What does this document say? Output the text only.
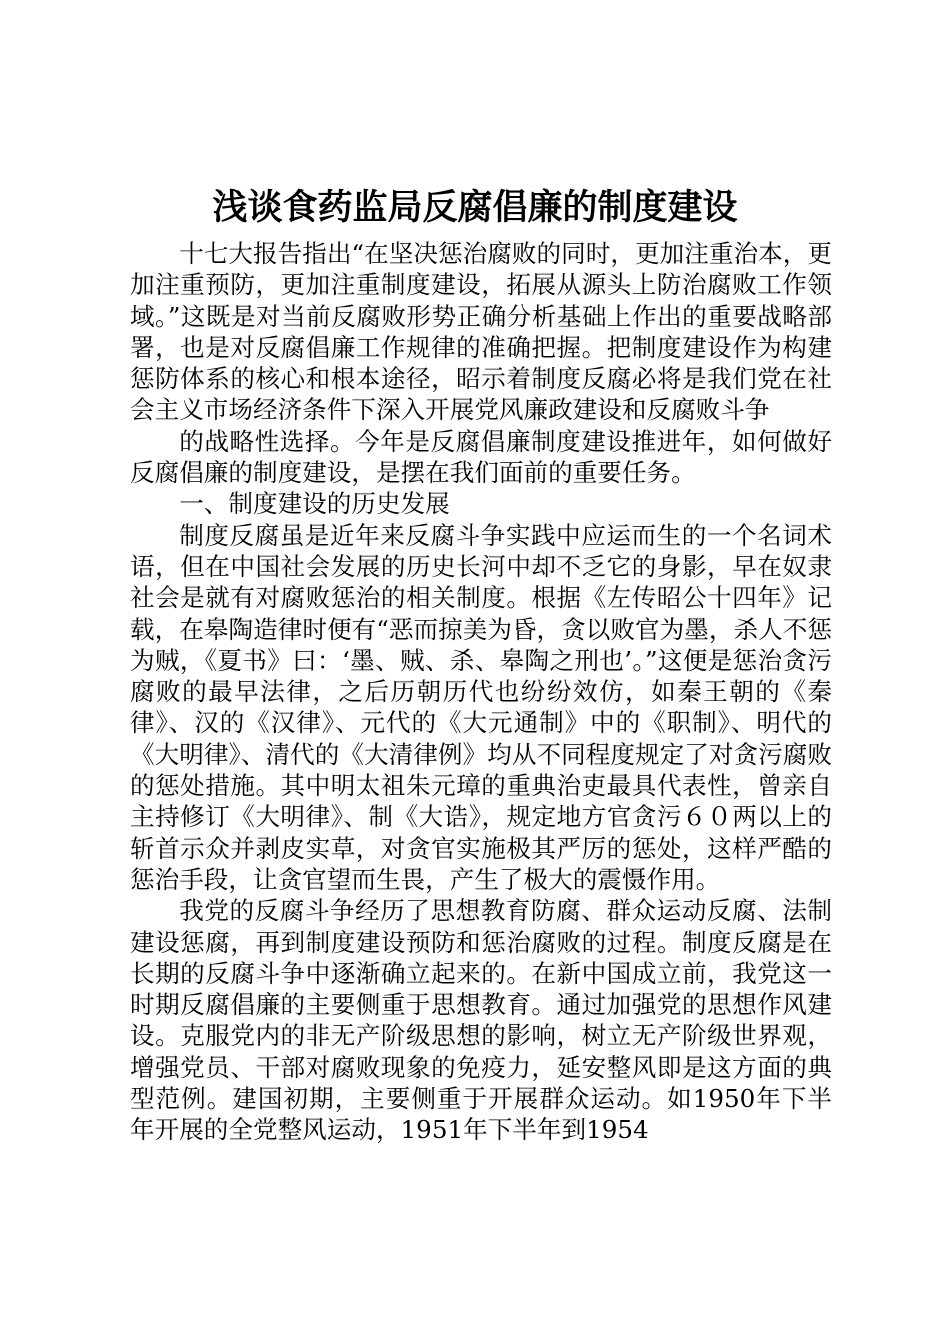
浅谈食药监局反腐倡廉的制度建设

十七大报告指出“在坚决惩治腐败的同时，更加注重治本，更加注重预防，更加注重制度建设，拓展从源头上防治腐败工作领域。”这既是对当前反腐败形势正确分析基础上作出的重要战略部署，也是对反腐倡廉工作规律的准确把握。把制度建设作为构建惩防体系的核心和根本途径，昭示着制度反腐必将是我们党在社会主义市场经济条件下深入开展党风廉政建设和反腐败斗争

的战略性选择。今年是反腐倡廉制度建设推进年，如何做好反腐倡廉的制度建设，是摆在我们面前的重要任务。

一、制度建设的历史发展

制度反腐虽是近年来反腐斗争实践中应运而生的一个名词术语，但在中国社会发展的历史长河中却不乏它的身影，早在奴隶社会是就有对腐败惩治的相关制度。根据《左传昭公十四年》记载，在皋陶造律时便有“恶而掠美为昏，贪以败官为墨，杀人不惩为贼，《夏书》曰：‘墨、贼、杀、皋陶之刑也’。”这便是惩治贪污腐败的最早法律，之后历朝历代也纷纷效仿，如秦王朝的《秦律》、汉的《汉律》、元代的《大元通制》中的《职制》、明代的《大明律》、清代的《大清律例》均从不同程度规定了对贪污腐败的惩处措施。其中明太祖朱元璋的重典治吏最具代表性，曾亲自主持修订《大明律》、制《大诰》，规定地方官贪污６０两以上的斩首示众并剥皮实草，对贪官实施极其严厉的惩处，这样严酷的惩治手段，让贪官望而生畏，产生了极大的震慑作用。

我党的反腐斗争经历了思想教育防腐、群众运动反腐、法制建设惩腐，再到制度建设预防和惩治腐败的过程。制度反腐是在长期的反腐斗争中逐渐确立起来的。在新中国成立前，我党这一时期反腐倡廉的主要侧重于思想教育。通过加强党的思想作风建设。克服党内的非无产阶级思想的影响，树立无产阶级世界观，增强党员、干部对腐败现象的免疫力，延安整风即是这方面的典型范例。建国初期，主要侧重于开展群众运动。如1950年下半年开展的全党整风运动，1951年下半年到1954
